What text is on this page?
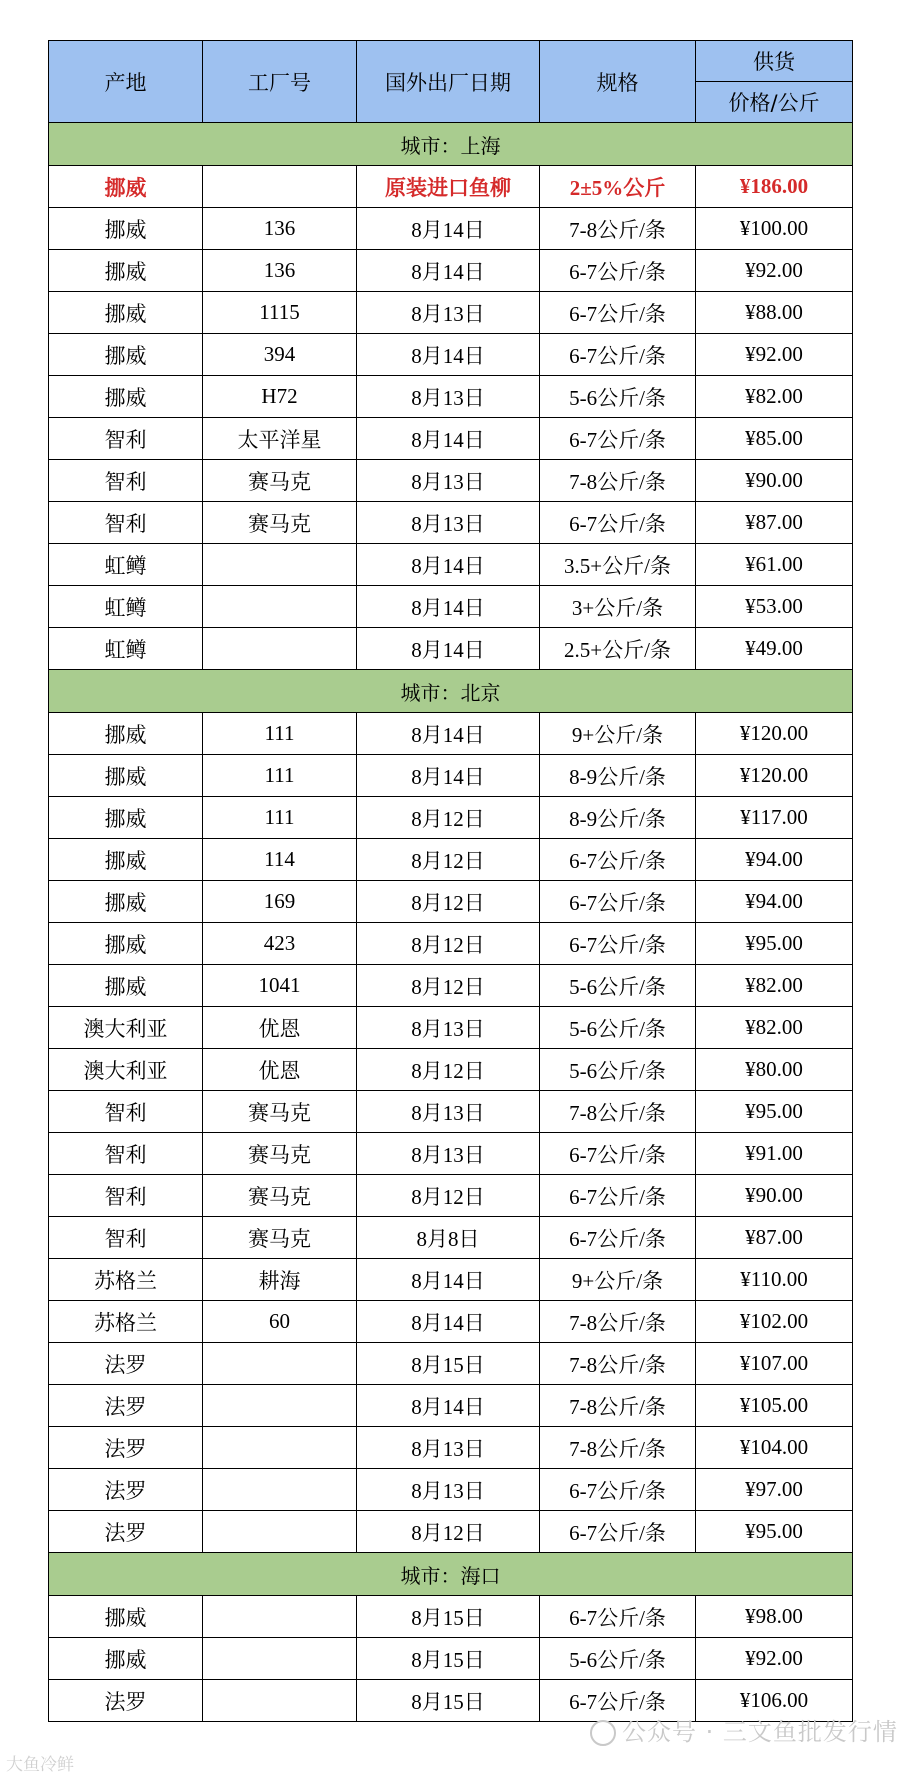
产地	工厂号	国外出厂日期	规格	供货
				价格/公斤
城市：上海				
挪威		原装进口鱼柳	2±5%公斤	¥186.00
挪威	136	8月14日	7-8公斤/条	¥100.00
挪威	136	8月14日	6-7公斤/条	¥92.00
挪威	1115	8月13日	6-7公斤/条	¥88.00
挪威	394	8月14日	6-7公斤/条	¥92.00
挪威	H72	8月13日	5-6公斤/条	¥82.00
智利	太平洋星	8月14日	6-7公斤/条	¥85.00
智利	赛马克	8月13日	7-8公斤/条	¥90.00
智利	赛马克	8月13日	6-7公斤/条	¥87.00
虹鳟		8月14日	3.5+公斤/条	¥61.00
虹鳟		8月14日	3+公斤/条	¥53.00
虹鳟		8月14日	2.5+公斤/条	¥49.00
城市：北京				
挪威	111	8月14日	9+公斤/条	¥120.00
挪威	111	8月14日	8-9公斤/条	¥120.00
挪威	111	8月12日	8-9公斤/条	¥117.00
挪威	114	8月12日	6-7公斤/条	¥94.00
挪威	169	8月12日	6-7公斤/条	¥94.00
挪威	423	8月12日	6-7公斤/条	¥95.00
挪威	1041	8月12日	5-6公斤/条	¥82.00
澳大利亚	优恩	8月13日	5-6公斤/条	¥82.00
澳大利亚	优恩	8月12日	5-6公斤/条	¥80.00
智利	赛马克	8月13日	7-8公斤/条	¥95.00
智利	赛马克	8月13日	6-7公斤/条	¥91.00
智利	赛马克	8月12日	6-7公斤/条	¥90.00
智利	赛马克	8月8日	6-7公斤/条	¥87.00
苏格兰	耕海	8月14日	9+公斤/条	¥110.00
苏格兰	60	8月14日	7-8公斤/条	¥102.00
法罗		8月15日	7-8公斤/条	¥107.00
法罗		8月14日	7-8公斤/条	¥105.00
法罗		8月13日	7-8公斤/条	¥104.00
法罗		8月13日	6-7公斤/条	¥97.00
法罗		8月12日	6-7公斤/条	¥95.00
城市：海口				
挪威		8月15日	6-7公斤/条	¥98.00
挪威		8月15日	5-6公斤/条	¥92.00
法罗		8月15日	6-7公斤/条	¥106.00
大鱼冷鲜
公众号 · 三文鱼批发行情
